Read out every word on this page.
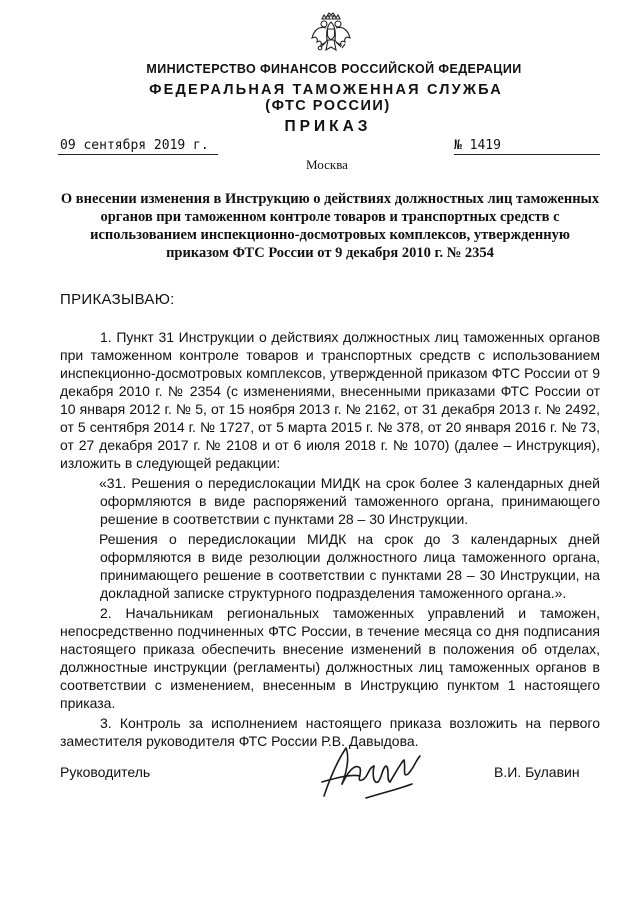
МИНИСТЕРСТВО ФИНАНСОВ РОССИЙСКОЙ ФЕДЕРАЦИИ
ФЕДЕРАЛЬНАЯ ТАМОЖЕННАЯ СЛУЖБА
(ФТС РОССИИ)
ПРИКАЗ
09 сентября 2019 г.	№ 1419
Москва
О внесении изменения в Инструкцию о действиях должностных лиц таможенных органов при таможенном контроле товаров и транспортных средств с использованием инспекционно-досмотровых комплексов, утвержденную приказом ФТС России от 9 декабря 2010 г. № 2354
ПРИКАЗЫВАЮ:

1. Пункт 31 Инструкции о действиях должностных лиц таможенных органов при таможенном контроле товаров и транспортных средств с использованием инспекционно-досмотровых комплексов, утвержденной приказом ФТС России от 9 декабря 2010 г. № 2354 (с изменениями, внесенными приказами ФТС России от 10 января 2012 г. № 5, от 15 ноября 2013 г. № 2162, от 31 декабря 2013 г. № 2492, от 5 сентября 2014 г. № 1727, от 5 марта 2015 г. № 378, от 20 января 2016 г. № 73, от 27 декабря 2017 г. № 2108 и от 6 июля 2018 г. № 1070) (далее – Инструкция), изложить в следующей редакции:

«31. Решения о передислокации МИДК на срок более 3 календарных дней оформляются в виде распоряжений таможенного органа, принимающего решение в соответствии с пунктами 28 – 30 Инструкции.

Решения о передислокации МИДК на срок до 3 календарных дней оформляются в виде резолюции должностного лица таможенного органа, принимающего решение в соответствии с пунктами 28 – 30 Инструкции, на докладной записке структурного подразделения таможенного органа.».

2. Начальникам региональных таможенных управлений и таможен, непосредственно подчиненных ФТС России, в течение месяца со дня подписания настоящего приказа обеспечить внесение изменений в положения об отделах, должностные инструкции (регламенты) должностных лиц таможенных органов в соответствии с изменением, внесенным в Инструкцию пунктом 1 настоящего приказа.

3. Контроль за исполнением настоящего приказа возложить на первого заместителя руководителя ФТС России Р.В. Давыдова.

Руководитель	В.И. Булавин
